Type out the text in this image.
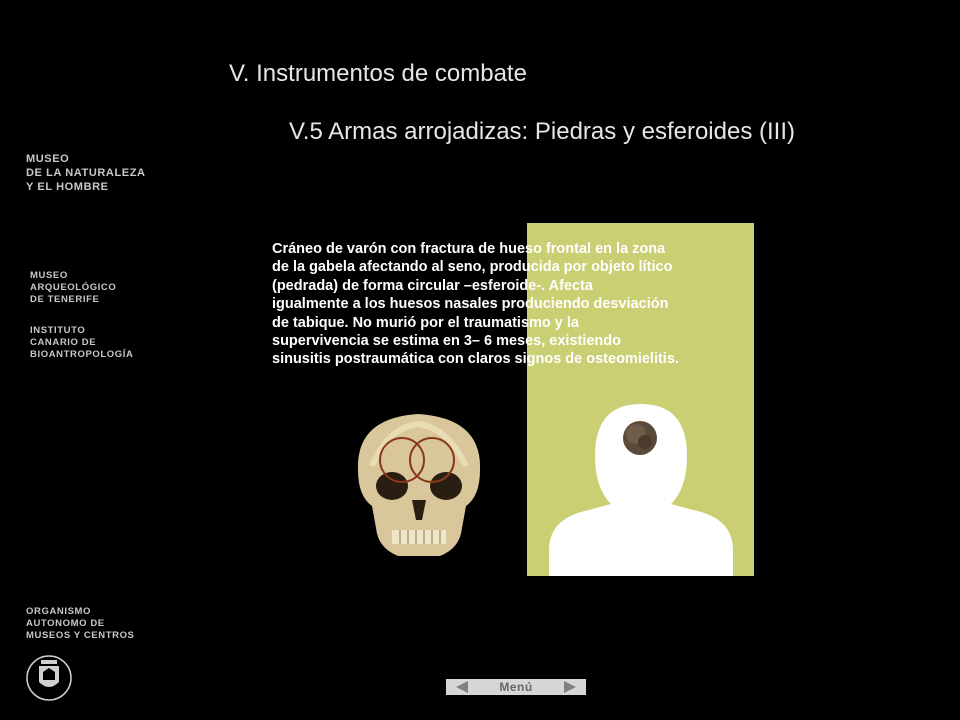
V. Instrumentos de combate
V.5 Armas arrojadizas: Piedras y esferoides (III)
MUSEO
DE LA NATURALEZA
Y EL HOMBRE
MUSEO
ARQUEOLÓGICO
DE TENERIFE
INSTITUTO
CANARIO DE
BIOANTROPOLOGÍA
ORGANISMO
AUTONOMO DE
MUSEOS Y CENTROS
Cráneo de varón con fractura de hueso frontal en la zona
de la gabela afectando al seno, producida por objeto lítico
(pedrada) de forma circular –esferoide-. Afecta
igualmente a los huesos nasales produciendo desviación
de tabique. No murió por el traumatismo y la
supervivencia se estima en 3– 6 meses, existiendo
sinusitis postraumática con claros signos de osteomielitis.
Menú
